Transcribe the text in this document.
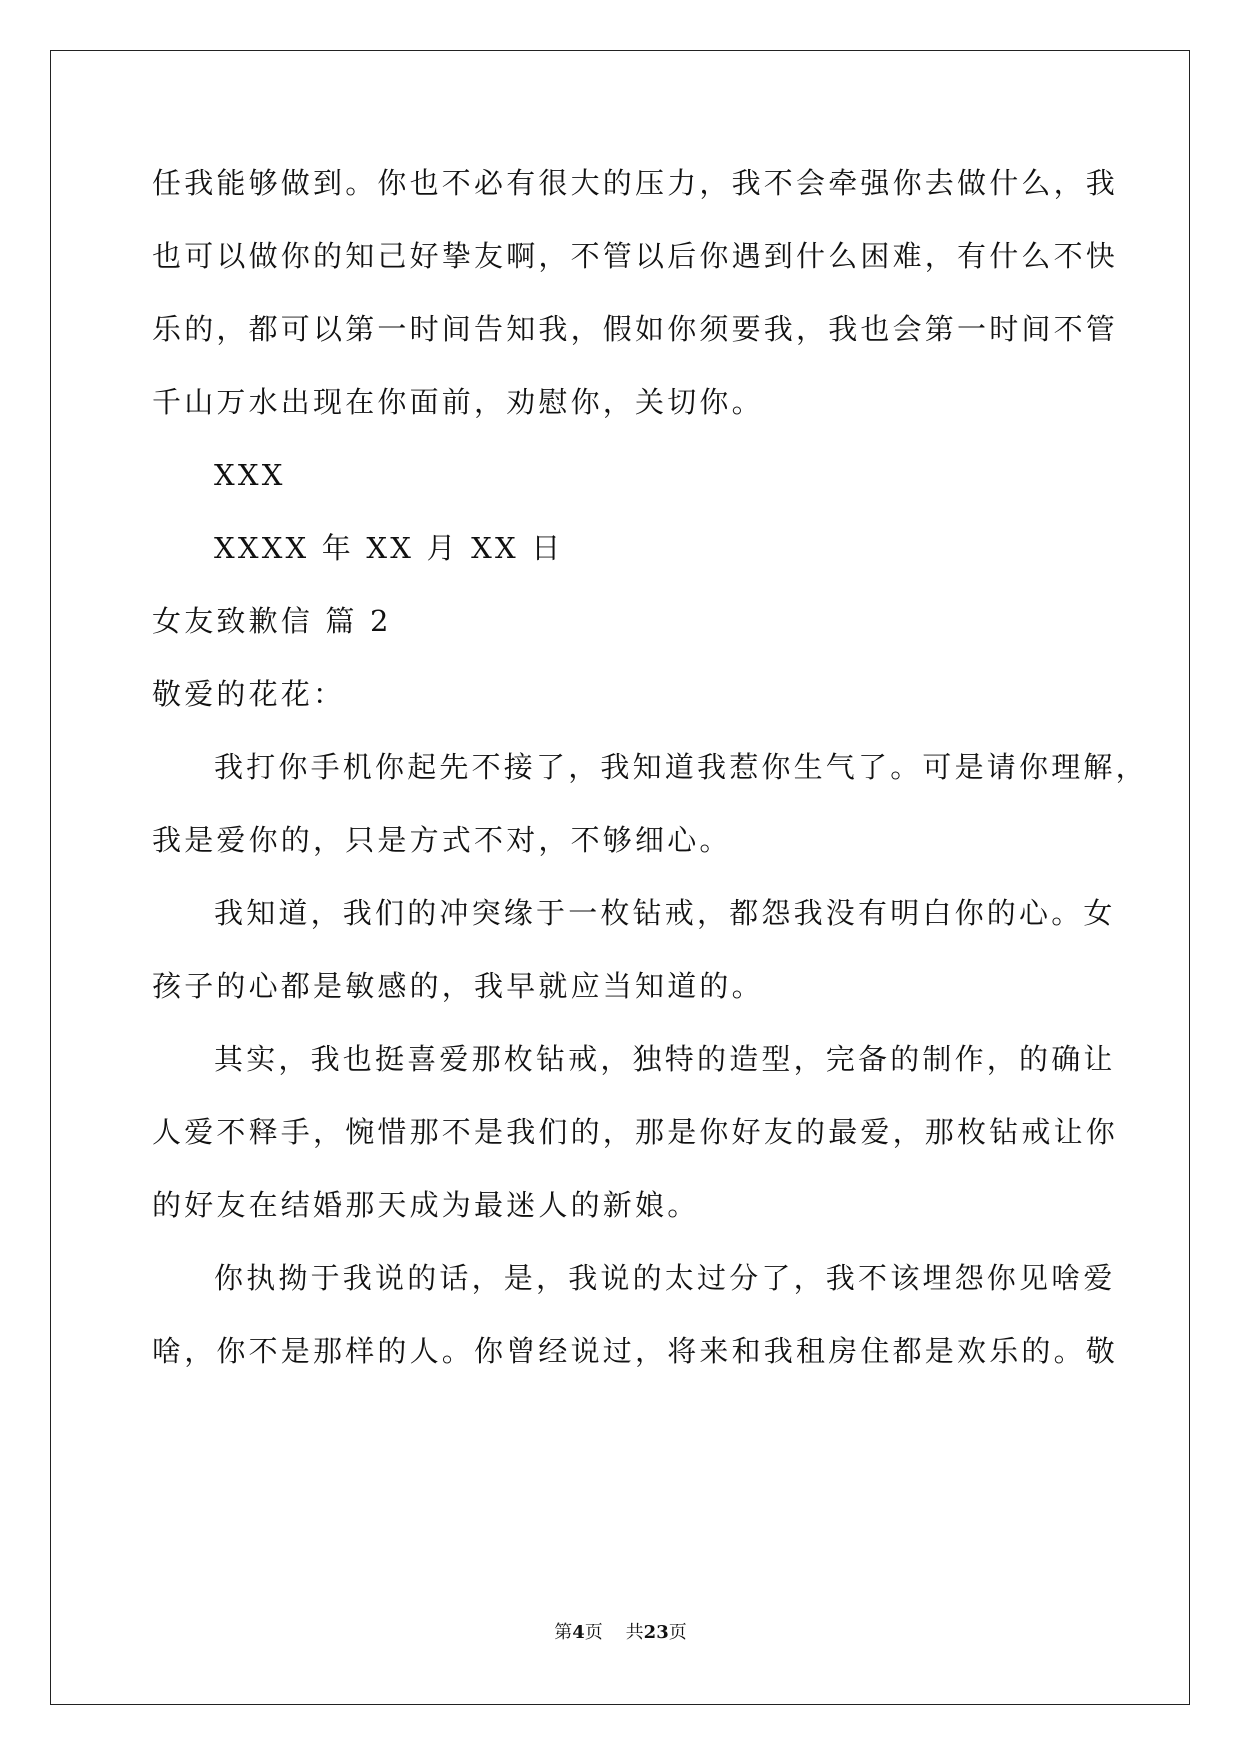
任我能够做到。你也不必有很大的压力，我不会牵强你去做什么，我
也可以做你的知己好挚友啊，不管以后你遇到什么困难，有什么不快
乐的，都可以第一时间告知我，假如你须要我，我也会第一时间不管
千山万水出现在你面前，劝慰你，关切你。
XXX
XXXX 年 XX 月 XX 日
女友致歉信 篇 2
敬爱的花花：
我打你手机你起先不接了，我知道我惹你生气了。可是请你理解，
我是爱你的，只是方式不对，不够细心。
我知道，我们的冲突缘于一枚钻戒，都怨我没有明白你的心。女
孩子的心都是敏感的，我早就应当知道的。
其实，我也挺喜爱那枚钻戒，独特的造型，完备的制作，的确让
人爱不释手，惋惜那不是我们的，那是你好友的最爱，那枚钻戒让你
的好友在结婚那天成为最迷人的新娘。
你执拗于我说的话，是，我说的太过分了，我不该埋怨你见啥爱
啥，你不是那样的人。你曾经说过，将来和我租房住都是欢乐的。敬
第4页 共23页
